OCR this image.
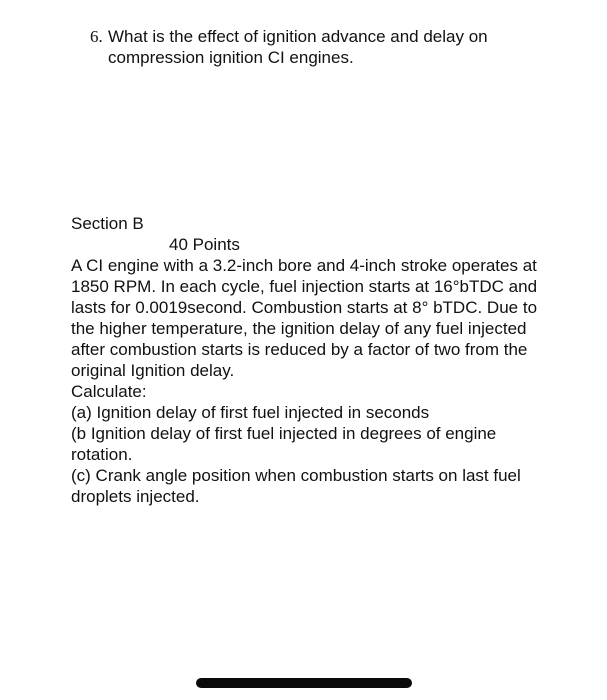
6. What is the effect of ignition advance and delay on compression ignition CI engines.
Section B
40 Points

A CI engine with a 3.2-inch bore and 4-inch stroke operates at 1850 RPM. In each cycle, fuel injection starts at 16°bTDC and lasts for 0.0019second. Combustion starts at 8° bTDC. Due to the higher temperature, the ignition delay of any fuel injected after combustion starts is reduced by a factor of two from the original Ignition delay.

Calculate:

(a) Ignition delay of first fuel injected in seconds

(b Ignition delay of first fuel injected in degrees of engine rotation.

(c) Crank angle position when combustion starts on last fuel droplets injected.
